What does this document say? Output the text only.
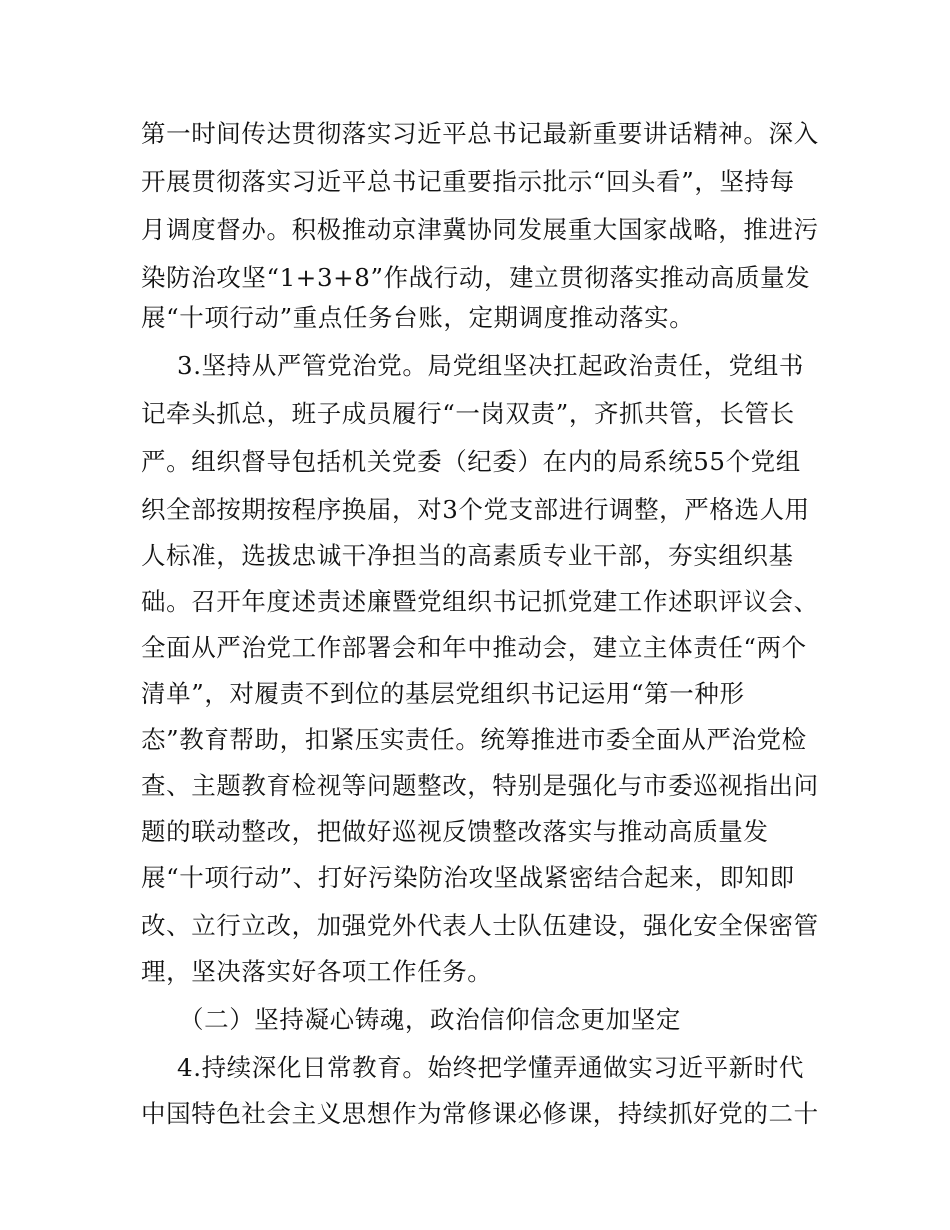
第一时间传达贯彻落实习近平总书记最新重要讲话精神。深入
开展贯彻落实习近平总书记重要指示批示“回头看”，坚持每
月调度督办。积极推动京津冀协同发展重大国家战略，推进污
染防治攻坚“1+3+8”作战行动，建立贯彻落实推动高质量发
展“十项行动”重点任务台账，定期调度推动落实。
3.坚持从严管党治党。局党组坚决扛起政治责任，党组书
记牵头抓总，班子成员履行“一岗双责”，齐抓共管，长管长
严。组织督导包括机关党委（纪委）在内的局系统55个党组
织全部按期按程序换届，对3个党支部进行调整，严格选人用
人标准，选拔忠诚干净担当的高素质专业干部，夯实组织基
础。召开年度述责述廉暨党组织书记抓党建工作述职评议会、
全面从严治党工作部署会和年中推动会，建立主体责任“两个
清单”，对履责不到位的基层党组织书记运用“第一种形
态”教育帮助，扣紧压实责任。统筹推进市委全面从严治党检
查、主题教育检视等问题整改，特别是强化与市委巡视指出问
题的联动整改，把做好巡视反馈整改落实与推动高质量发
展“十项行动”、打好污染防治攻坚战紧密结合起来，即知即
改、立行立改，加强党外代表人士队伍建设，强化安全保密管
理，坚决落实好各项工作任务。
（二）坚持凝心铸魂，政治信仰信念更加坚定
4.持续深化日常教育。始终把学懂弄通做实习近平新时代
中国特色社会主义思想作为常修课必修课，持续抓好党的二十
